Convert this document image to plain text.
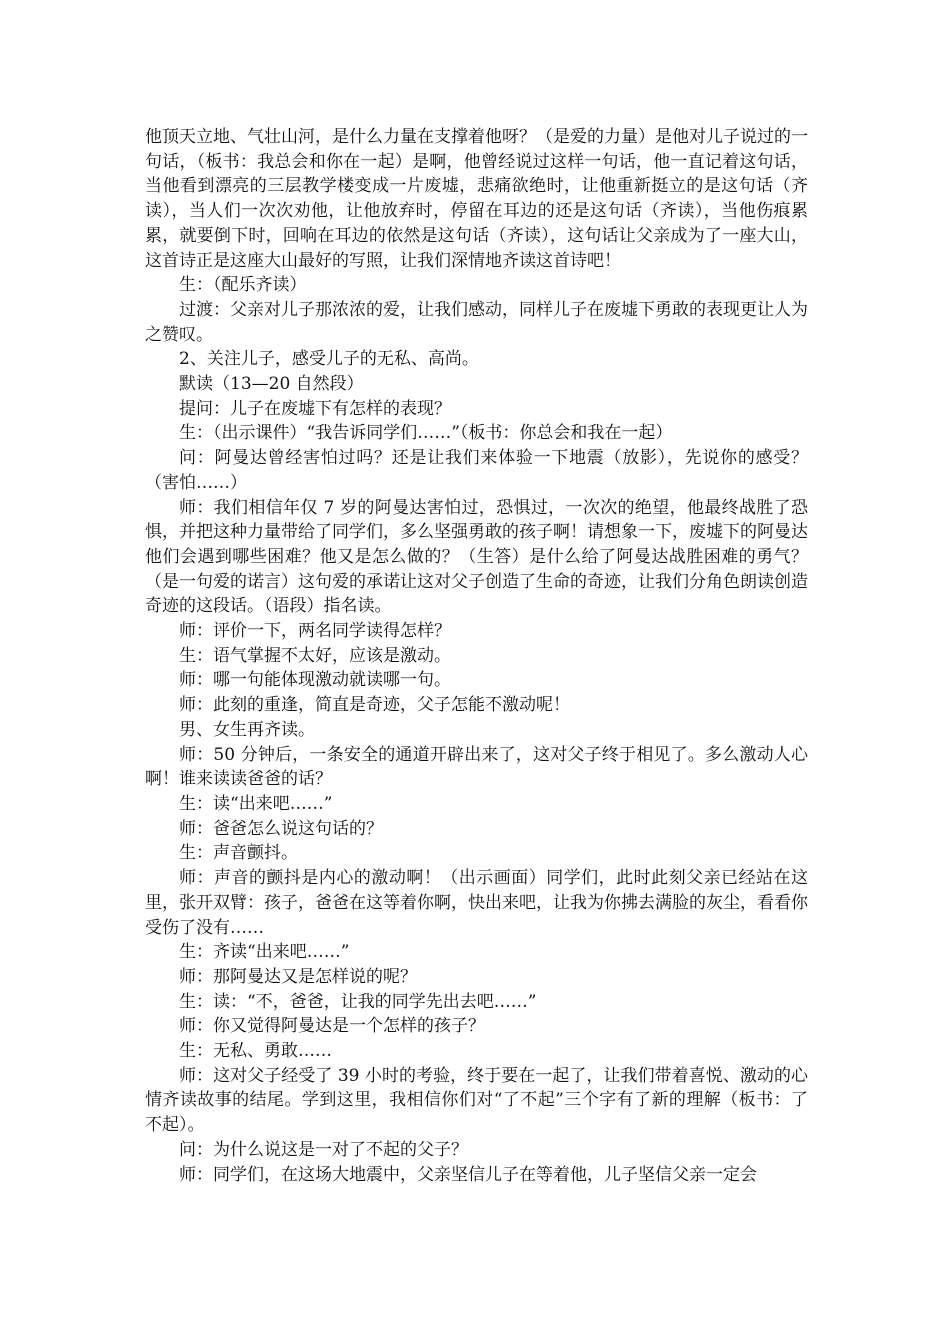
他顶天立地、气壮山河，是什么力量在支撑着他呀？（是爱的力量）是他对儿子说过的一句话，（板书：我总会和你在一起）是啊，他曾经说过这样一句话，他一直记着这句话，当他看到漂亮的三层教学楼变成一片废墟，悲痛欲绝时，让他重新挺立的是这句话（齐读），当人们一次次劝他，让他放弃时，停留在耳边的还是这句话（齐读），当他伤痕累累，就要倒下时，回响在耳边的依然是这句话（齐读），这句话让父亲成为了一座大山，这首诗正是这座大山最好的写照，让我们深情地齐读这首诗吧！

生：（配乐齐读）

过渡：父亲对儿子那浓浓的爱，让我们感动，同样儿子在废墟下勇敢的表现更让人为之赞叹。

2、关注儿子，感受儿子的无私、高尚。

默读（13—20 自然段）

提问：儿子在废墟下有怎样的表现？

生：（出示课件）“我告诉同学们……”（板书：你总会和我在一起）

问：阿曼达曾经害怕过吗？还是让我们来体验一下地震（放影），先说你的感受？（害怕……）

师：我们相信年仅 7 岁的阿曼达害怕过，恐惧过，一次次的绝望，他最终战胜了恐惧，并把这种力量带给了同学们，多么坚强勇敢的孩子啊！请想象一下，废墟下的阿曼达他们会遇到哪些困难？他又是怎么做的？（生答）是什么给了阿曼达战胜困难的勇气？（是一句爱的诺言）这句爱的承诺让这对父子创造了生命的奇迹，让我们分角色朗读创造奇迹的这段话。（语段）指名读。

师：评价一下，两名同学读得怎样？

生：语气掌握不太好，应该是激动。

师：哪一句能体现激动就读哪一句。

师：此刻的重逢，简直是奇迹，父子怎能不激动呢！

男、女生再齐读。

师：50 分钟后，一条安全的通道开辟出来了，这对父子终于相见了。多么激动人心啊！谁来读读爸爸的话？

生：读“出来吧……”

师：爸爸怎么说这句话的？

生：声音颤抖。

师：声音的颤抖是内心的激动啊！（出示画面）同学们，此时此刻父亲已经站在这里，张开双臂：孩子，爸爸在这等着你啊，快出来吧，让我为你拂去满脸的灰尘，看看你受伤了没有……

生：齐读“出来吧……”

师：那阿曼达又是怎样说的呢？

生：读：“不，爸爸，让我的同学先出去吧……”

师：你又觉得阿曼达是一个怎样的孩子？

生：无私、勇敢……

师：这对父子经受了 39 小时的考验，终于要在一起了，让我们带着喜悦、激动的心情齐读故事的结尾。学到这里，我相信你们对“了不起”三个字有了新的理解（板书：了不起）。

问：为什么说这是一对了不起的父子？

师：同学们，在这场大地震中，父亲坚信儿子在等着他，儿子坚信父亲一定会
